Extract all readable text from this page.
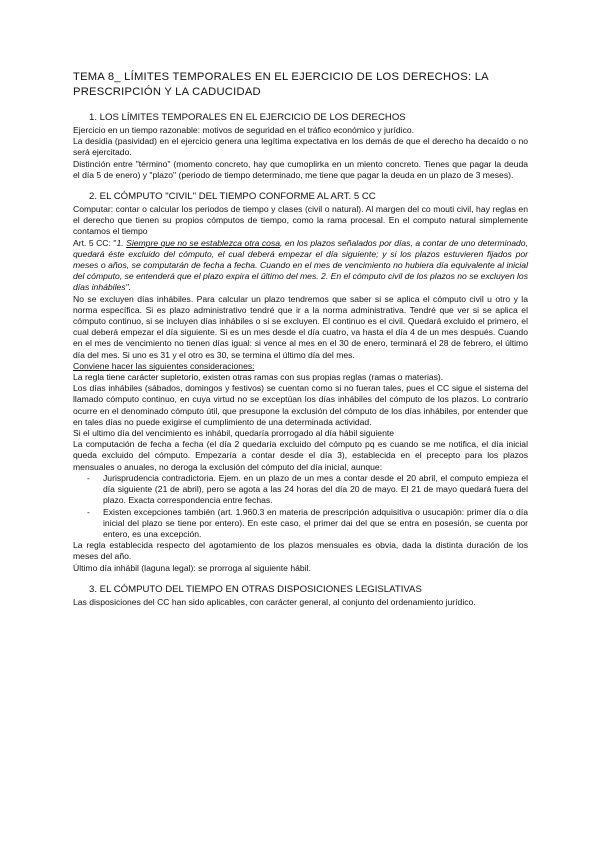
TEMA 8_ LÍMITES TEMPORALES EN EL EJERCICIO DE LOS DERECHOS: LA PRESCRIPCIÓN Y LA CADUCIDAD
1. LOS LÍMITES TEMPORALES EN EL EJERCICIO DE LOS DERECHOS

Ejercicio en un tiempo razonable: motivos de seguridad en el tráfico económico y jurídico.

La desidia (pasividad) en el ejercicio genera una legítima expectativa en los demás de que el derecho ha decaído o no será ejercitado.

Distinción entre "término" (momento concreto, hay que cumoplirka en un miento concreto. Tienes que pagar la deuda el día 5 de enero) y "plazo" (periodo de tiempo determinado, me tiene que pagar la deuda en un plazo de 3 meses).

2. EL CÓMPUTO "CIVIL" DEL TIEMPO CONFORME AL ART. 5 CC

Computar: contar o calcular los periodos de tiempo y clases (civil o natural). Al margen del co mouti civil, hay reglas en el derecho que tienen su propios cómputos de tiempo, como la rama procesal. En el computo natural simplemente contamos el tiempo

Art. 5 CC: "1. Siempre que no se establezca otra cosa, en los plazos señalados por días, a contar de uno determinado, quedará éste excluido del cómputo, el cual deberá empezar el día siguiente; y si los plazos estuvieren fijados por meses o años, se computarán de fecha a fecha. Cuando en el mes de vencimiento no hubiera día equivalente al inicial del cómputo, se entenderá que el plazo expira el último del mes. 2. En el cómputo civil de los plazos no se excluyen los días inhábiles".

No se excluyen días inhábiles. Para calcular un plazo tendremos que saber si se aplica el cómputo civil u otro y la norma específica. Si es plazo administrativo tendré que ir a la norma administrativa. Tendré que ver si se aplica el cómputo continuo, si se incluyen días inhábiles o si se excluyen. El continuo es el civil. Quedará excluido el primero, el cual deberá empezar el día siguiente. Si es un mes desde el día cuatro, va hasta el día 4 de un mes después. Cuando en el mes de vencimiento no tienen días igual: si vence al mes en el 30 de enero, terminará el 28 de febrero, el último día del mes. Si uno es 31 y el otro es 30, se termina el último día del mes.

Conviene hacer las siguientes consideraciones:

La regla tiene carácter supletorio, existen otras ramas con sus propias reglas (ramas o materias).

Los días inhábiles (sábados, domingos y festivos) se cuentan como si no fueran tales, pues el CC sigue el sistema del llamado cómputo continuo, en cuya virtud no se exceptúan los días inhábiles del cómputo de los plazos. Lo contrario ocurre en el denominado cómputo útil, que presupone la exclusión del cómputo de los días inhábiles, por entender que en tales días no puede exigirse el cumplimiento de una determinada actividad.

Si el ultimo día del vencimiento es inhábil, quedaría prorrogado al día hábil siguiente

La computación de fecha a fecha (el día 2 quedaría excluido del cómputo pq es cuando se me notifica, el día inicial queda excluido del cómputo. Empezaría a contar desde el día 3), establecida en el precepto para los plazos mensuales o anuales, no deroga la exclusión del cómputo del día inicial, aunque:

-	Jurisprudencia contradictoria. Ejem. en un plazo de un mes a contar desde el 20 abril, el computo empieza el día siguiente (21 de abril), pero se agota a las 24 horas del día 20 de mayo. El 21 de mayo quedará fuera del plazo. Exacta correspondencia entre fechas.
-	Existen excepciones también (art. 1.960.3 en materia de prescripción adquisitiva o usucapión: primer día o día inicial del plazo se tiene por entero). En este caso, el primer dai del que se entra en posesión, se cuenta por entero, es una excepción.

La regla establecida respecto del agotamiento de los plazos mensuales es obvia, dada la distinta duración de los meses del año.

Último día inhábil (laguna legal): se prorroga al siguiente hábil.

3. EL CÓMPUTO DEL TIEMPO EN OTRAS DISPOSICIONES LEGISLATIVAS

Las disposiciones del CC han sido aplicables, con carácter general, al conjunto del ordenamiento jurídico.
